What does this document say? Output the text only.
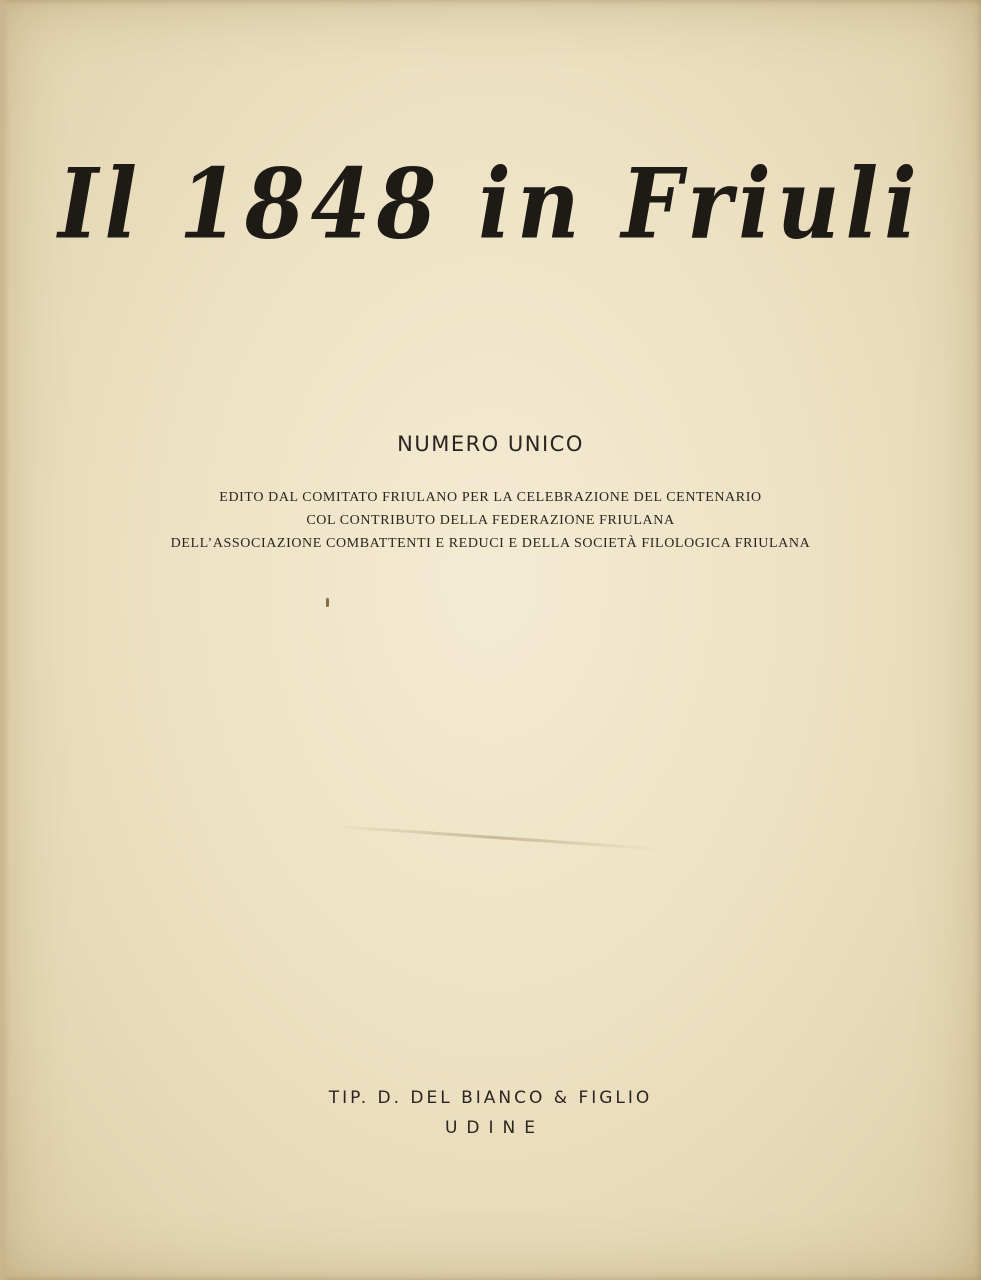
Il 1848 in Friuli
NUMERO UNICO
EDITO DAL COMITATO FRIULANO PER LA CELEBRAZIONE DEL CENTENARIO
COL CONTRIBUTO DELLA FEDERAZIONE FRIULANA
DELL’ASSOCIAZIONE COMBATTENTI E REDUCI E DELLA SOCIETÀ FILOLOGICA FRIULANA
TIP. D. DEL BIANCO & FIGLIO
UDINE
